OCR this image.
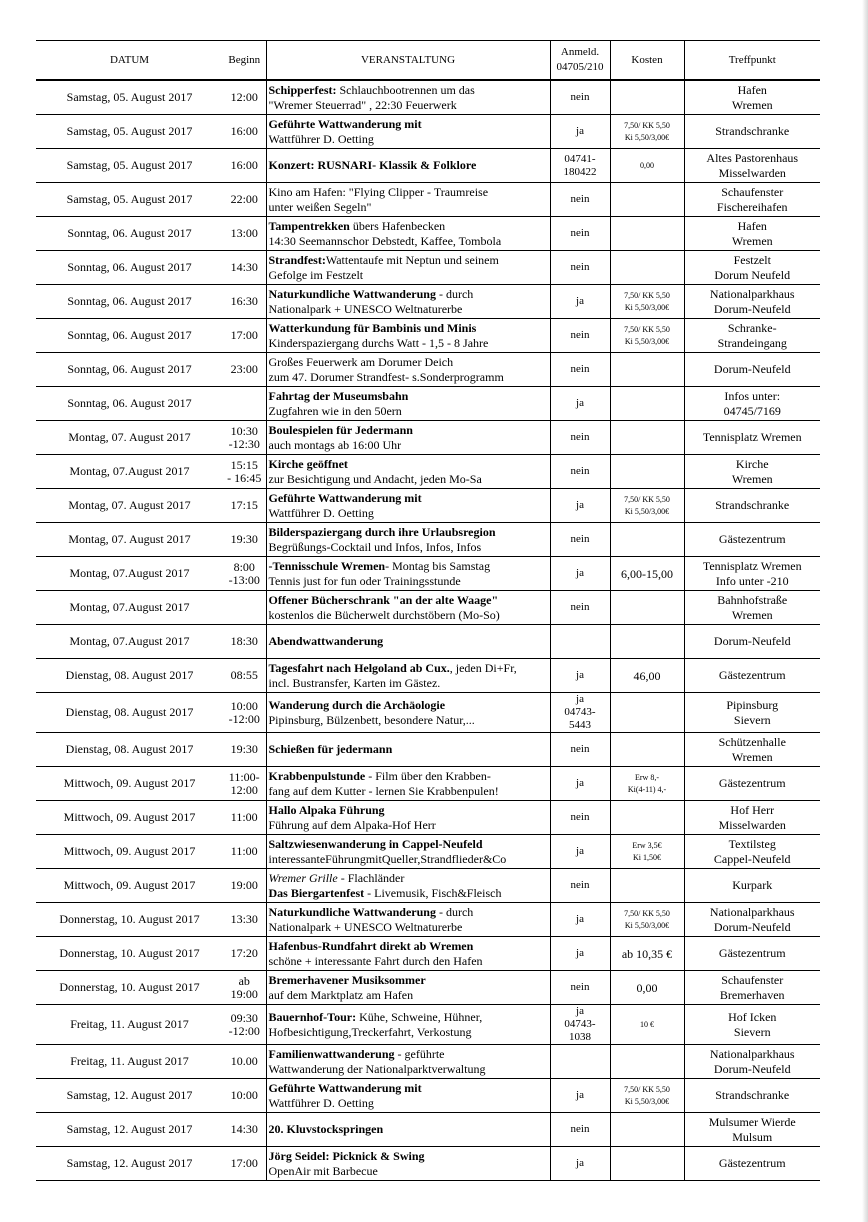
DATUM	Beginn	VERANSTALTUNG	Anmeld.
04705/210	Kosten	Treffpunkt
Samstag, 05. August 2017	12:00	Schipperfest: Schlauchbootrennen um das
"Wremer Steuerrad" , 22:30 Feuerwerk	nein		Hafen
Wremen

Samstag, 05. August 2017	16:00	Geführte Wattwanderung mit
Wattführer D. Oetting	ja	7,50/ KK 5,50
Ki 5,50/3,00€	Strandschranke

Samstag, 05. August 2017	16:00	Konzert: RUSNARI- Klassik & Folklore	04741-
180422	0,00	Altes Pastorenhaus
Misselwarden

Samstag, 05. August 2017	22:00	Kino am Hafen: "Flying Clipper - Traumreise
unter weißen Segeln"	nein		Schaufenster
Fischereihafen

Sonntag, 06. August 2017	13:00	Tampentrekken übers Hafenbecken
14:30 Seemannschor Debstedt, Kaffee, Tombola	nein		Hafen
Wremen

Sonntag, 06. August 2017	14:30	Strandfest:Wattentaufe mit Neptun und seinem
Gefolge im Festzelt	nein		Festzelt
Dorum Neufeld

Sonntag, 06. August 2017	16:30	Naturkundliche Wattwanderung - durch
Nationalpark + UNESCO Weltnaturerbe	ja	7,50/ KK 5,50
Ki 5,50/3,00€	Nationalparkhaus
Dorum-Neufeld

Sonntag, 06. August 2017	17:00	Watterkundung für Bambinis und Minis
Kinderspaziergang durchs Watt - 1,5 - 8 Jahre	nein	7,50/ KK 5,50
Ki 5,50/3,00€	Schranke-
Strandeingang

Sonntag, 06. August 2017	23:00	Großes Feuerwerk am Dorumer Deich
zum 47. Dorumer Strandfest- s.Sonderprogramm	nein		Dorum-Neufeld

Sonntag, 06. August 2017		Fahrtag der Museumsbahn
Zugfahren wie in den 50ern	ja		Infos unter:
04745/7169

Montag, 07. August 2017	10:30
-12:30	Boulespielen für Jedermann
auch montags ab 16:00 Uhr	nein		Tennisplatz Wremen

Montag, 07.August 2017	15:15
- 16:45	Kirche geöffnet
zur Besichtigung und Andacht, jeden Mo-Sa	nein		Kirche
Wremen

Montag, 07. August 2017	17:15	Geführte Wattwanderung mit
Wattführer D. Oetting	ja	7,50/ KK 5,50
Ki 5,50/3,00€	Strandschranke

Montag, 07. August 2017	19:30	Bilderspaziergang durch ihre Urlaubsregion
Begrüßungs-Cocktail und Infos, Infos, Infos	nein		Gästezentrum

Montag, 07.August 2017	8:00
-13:00	-Tennisschule Wremen- Montag bis Samstag
Tennis just for fun oder Trainingsstunde	ja	6,00-15,00	Tennisplatz Wremen
Info unter -210

Montag, 07.August 2017		Offener Bücherschrank "an der alte Waage"
kostenlos die Bücherwelt durchstöbern (Mo-So)	nein		Bahnhofstraße
Wremen

Montag, 07.August 2017	18:30	Abendwattwanderung			Dorum-Neufeld

Dienstag, 08. August 2017	08:55	Tagesfahrt nach Helgoland ab Cux., jeden Di+Fr,
incl. Bustransfer, Karten im Gästez.	ja	46,00	Gästezentrum

Dienstag, 08. August 2017	10:00
-12:00	Wanderung durch die Archäologie
Pipinsburg, Bülzenbett, besondere Natur,...	ja
04743-
5443		Pipinsburg
Sievern

Dienstag, 08. August 2017	19:30	Schießen für jedermann	nein		Schützenhalle
Wremen

Mittwoch, 09. August 2017	11:00-
12:00	Krabbenpulstunde - Film über den Krabben-
fang auf dem Kutter - lernen Sie Krabbenpulen!	ja	Erw 8,-
Ki(4-11) 4,-	Gästezentrum

Mittwoch, 09. August 2017	11:00	Hallo Alpaka Führung
Führung auf dem Alpaka-Hof Herr	nein		Hof Herr
Misselwarden

Mittwoch, 09. August 2017	11:00	Saltzwiesenwanderung in Cappel-Neufeld
interessanteFührungmitQueller,Strandflieder&Co	ja	Erw 3,5€
Ki 1,50€	Textilsteg
Cappel-Neufeld

Mittwoch, 09. August 2017	19:00	Wremer Grille - Flachländer
Das Biergartenfest - Livemusik, Fisch&Fleisch	nein		Kurpark

Donnerstag, 10. August 2017	13:30	Naturkundliche Wattwanderung - durch
Nationalpark + UNESCO Weltnaturerbe	ja	7,50/ KK 5,50
Ki 5,50/3,00€	Nationalparkhaus
Dorum-Neufeld

Donnerstag, 10. August 2017	17:20	Hafenbus-Rundfahrt direkt ab Wremen
schöne + interessante Fahrt durch den Hafen	ja	ab 10,35 €	Gästezentrum

Donnerstag, 10. August 2017	ab
19:00	Bremerhavener Musiksommer
auf dem Marktplatz am Hafen	nein	0,00	Schaufenster
Bremerhaven

Freitag, 11. August 2017	09:30
-12:00	Bauernhof-Tour: Kühe, Schweine, Hühner,
Hofbesichtigung,Treckerfahrt, Verkostung	ja
04743-
1038	10 €	Hof Icken
Sievern

Freitag, 11. August 2017	10.00	Familienwattwanderung - geführte
Wattwanderung der Nationalparktverwaltung			Nationalparkhaus
Dorum-Neufeld

Samstag, 12. August 2017	10:00	Geführte Wattwanderung mit
Wattführer D. Oetting	ja	7,50/ KK 5,50
Ki 5,50/3,00€	Strandschranke

Samstag, 12. August 2017	14:30	20. Kluvstockspringen	nein		Mulsumer Wierde
Mulsum

Samstag, 12. August 2017	17:00	Jörg Seidel: Picknick & Swing
OpenAir mit Barbecue	ja		Gästezentrum
